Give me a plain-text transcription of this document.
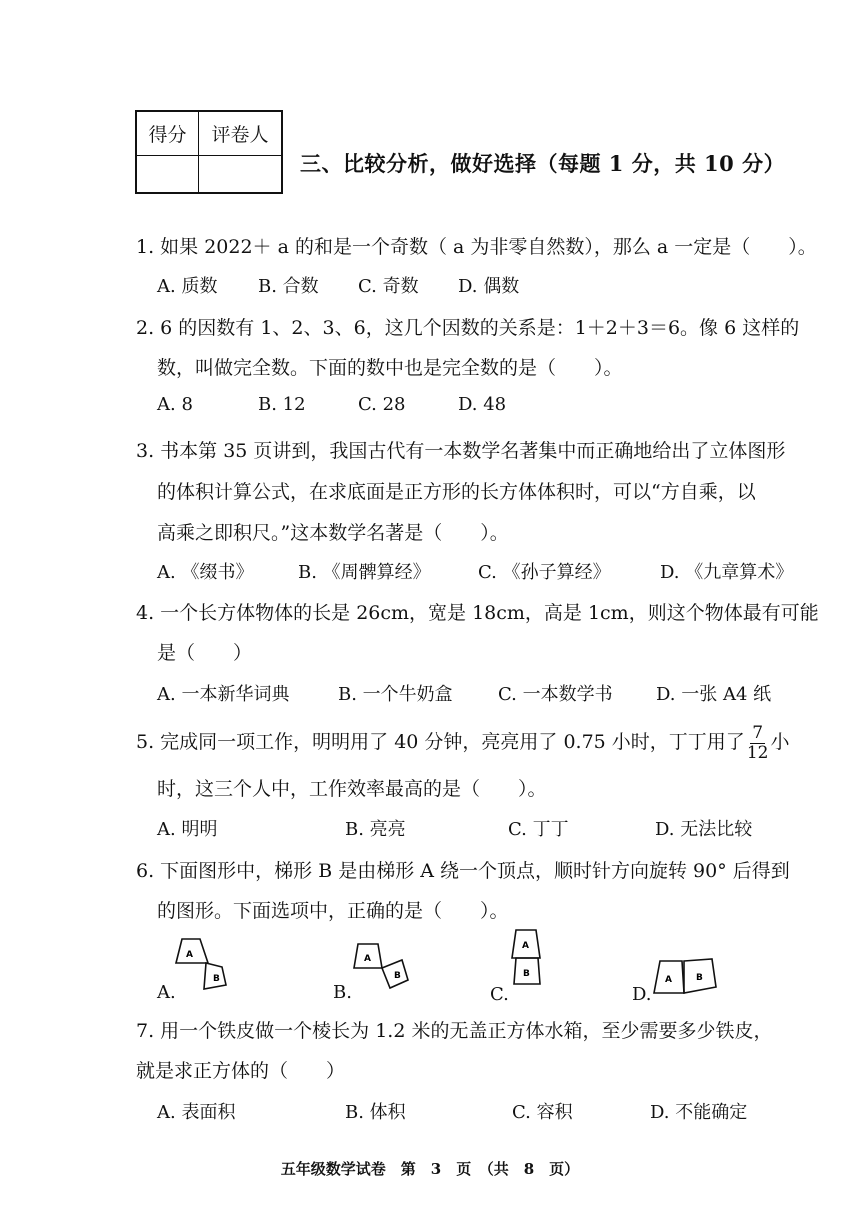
得分	评卷人
三、比较分析，做好选择（每题 1 分，共 10 分）
1. 如果 2022＋ a 的和是一个奇数（ a 为非零自然数），那么 a 一定是（　　）。
A. 质数 B. 合数 C. 奇数 D. 偶数
2. 6 的因数有 1、2、3、6，这几个因数的关系是：1＋2＋3＝6。像 6 这样的
数，叫做完全数。下面的数中也是完全数的是（　　）。
A. 8	B. 12	C. 28	D. 48
3. 书本第 35 页讲到，我国古代有一本数学名著集中而正确地给出了立体图形
的体积计算公式，在求底面是正方形的长方体体积时，可以“方自乘，以
高乘之即积尺。”这本数学名著是（　　）。
A. 《缀书》 B. 《周髀算经》	C. 《孙子算经》	D. 《九章算术》
4. 一个长方体物体的长是 26cm，宽是 18cm，高是 1cm，则这个物体最有可能
是（　　）
A. 一本新华词典	B. 一个牛奶盒	C. 一本数学书 D. 一张 A4 纸
5. 完成同一项工作，明明用了 40 分钟，亮亮用了 0.75 小时，丁丁用了 $\frac{7}{12}$ 小
时，这三个人中，工作效率最高的是（　　）。
A. 明明	B. 亮亮	C. 丁丁	D. 无法比较
6. 下面图形中，梯形 B 是由梯形 A 绕一个顶点，顺时针方向旋转 90° 后得到
的图形。下面选项中，正确的是（　　）。
A.
A
B
B.
A
B
C.
A
B
D.
A	B
7. 用一个铁皮做一个棱长为 1.2 米的无盖正方体水箱，至少需要多少铁皮，
就是求正方体的（　　）
A. 表面积	B. 体积	C. 容积	D. 不能确定
五年级数学试卷　第　3　页　（共　8　页）
